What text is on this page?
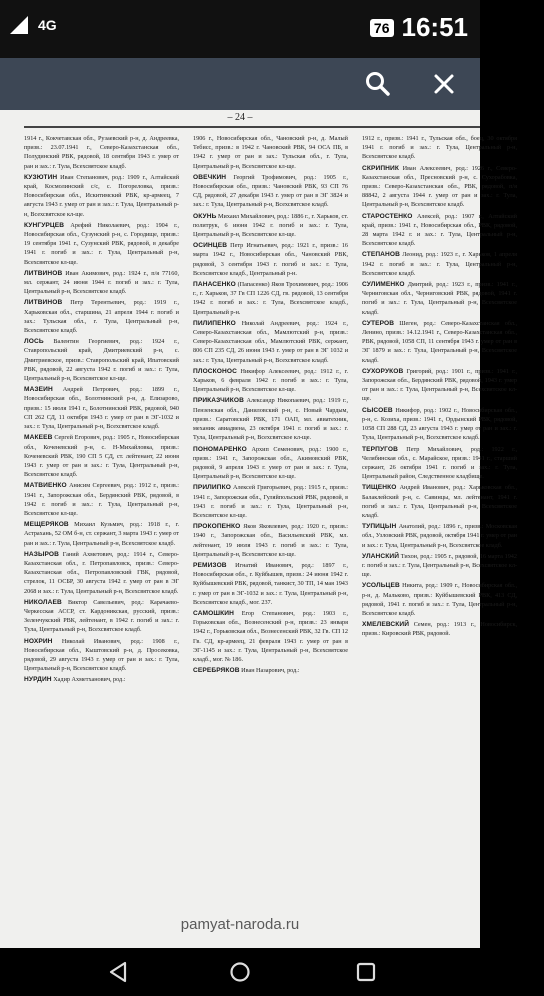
4G	76 16:51
– 24 –

1914 г., Кокчетавская обл., Рузаевский р-н, д. Андреевка, призв.: 23.07.1941 г., Северо-Казахстанская обл., Полудинский РВК, рядовой, 18 сентября 1943 г. умер от ран и зах.: г. Тула, Всехсвятское кладб.

КУЗЮТИН Иван Степанович, род.: 1909 г., Алтайский край, Космолинский с/с, с. Погореловка, призв.: Новосибирская обл., Искитимский РВК, кр-армеец, 7 августа 1943 г. умер от ран и зах.: г. Тула, Центральный р-н, Всехсвятское кл-ще.

КУНГУРЦЕВ Арефий Николаевич, род.: 1904 г., Новосибирская обл., Сузунский р-н, с. Городище, призв.: 19 сентября 1941 г., Сузунский РВК, рядовой, в декабре 1941 г. погиб и зах.: г. Тула, Центральный р-н, Всехсвятское кл-ще.

ЛИТВИНОВ Иван Акимович, род.: 1924 г., п/я 77160, мл. сержант, 24 июня 1944 г. погиб и зах.: г. Тула, Центральный р-н, Всехсвятское кладб.

ЛИТВИНОВ Петр Терентьевич, род.: 1919 г., Харьковская обл., старшина, 21 апреля 1944 г. погиб и зах.: Тульская обл., г. Тула, Центральный р-н, Всехсвятское кладб.

ЛОСЬ Валентин Георгиевич, род.: 1924 г., Ставропольский край, Дмитриевский р-н, с. Дмитриевское, призв.: Ставропольский край, Ипатовский РВК, рядовой, 22 августа 1942 г. погиб и зах.: г. Тула, Центральный р-н, Всехсвятское кл-ще.

МАЗЕИН Андрей Петрович, род.: 1899 г., Новосибирская обл., Болотнинский р-н, д. Елизарово, призв.: 15 июля 1941 г., Болотнинский РВК, рядовой, 940 СП 262 СД, 11 октября 1943 г. умер от ран в ЭГ-1032 и зах.: г. Тула, Центральный р-н, Всехсвятское кладб.

МАКЕЕВ Сергей Егорович, род.: 1905 г., Новосибирская обл., Коченевский р-н, с. Н-Михайловка, призв.: Коченевский РВК, 190 СП 5 СД, ст. лейтенант, 22 июня 1943 г. умер от ран и зах.: г. Тула, Центральный р-н, Всехсвятское кладб.

МАТВИЕНКО Анисим Сергеевич, род.: 1912 г., призв.: 1941 г., Запорожская обл., Бердянский РВК, рядовой, в 1942 г. погиб и зах.: г. Тула, Центральный р-н, Всехсвятское кл-ще.

МЕЩЕРЯКОВ Михаил Кузьмич, род.: 1918 г., г. Астрахань, 52 ОМ б-н, ст. сержант, 3 марта 1943 г. умер от ран и зах.: г. Тула, Центральный р-н, Всехсвятское кладб.

НАЗЫРОВ Ганий Ахметович, род.: 1914 г., Северо-Казахстанская обл., г. Петропавловск, призв.: Северо-Казахстанская обл., Петропавловский ГВК, рядовой, стрелок, 11 ОСБР, 30 августа 1942 г. умер от ран в ЭГ 2068 и зах.: г. Тула, Центральный р-н, Всехсвятское кладб.

НИКОЛАЕВ Виктор Савельевич, род.: Карачаево-Черкесская АССР, ст. Кардоникская, русский, призв.: Зеленчукский РВК, лейтенант, в 1942 г. погиб и зах.: г. Тула, Центральный р-н, Всехсвятское кладб.

НОХРИН Николай Иванович, род.: 1908 г., Новосибирская обл., Кыштовский р-н, д. Просековка, рядовой, 29 августа 1943 г. умер от ран и зах.: г. Тула, Центральный р-н, Всехсвятское кладб.

НУРДИН Хадир Ахметханович, род.:

1906 г., Новосибирская обл., Чановский р-н, д. Малый Тебисс, призв.: в 1942 г. Чановский РВК, 94 ОСА ПБ, в 1942 г. умер от ран и зах.: Тульская обл., г. Тула, Центральный р-н, Всехсвятское кл-ще.

ОВЕЧКИН Георгий Трофимович, род.: 1905 г., Новосибирская обл., призв.: Чановский РВК, 93 СП 76 СД, рядовой, 27 декабря 1943 г. умер от ран в ЭГ 3824 и зах.: г. Тула, Центральный р-н, Всехсвятское кладб.

ОКУНЬ Михаил Михайлович, род.: 1886 г., г. Харьков, ст. политрук, 6 июня 1942 г. погиб и зах.: г. Тула, Центральный р-н, Всехсвятское кл-ще.

ОСИНЦЕВ Петр Игнатьевич, род.: 1921 г., призв.: 16 марта 1942 г., Новосибирская обл., Чановский РВК, рядовой, 3 сентября 1943 г. погиб и зах.: г. Тула, Всехсвятское кладб., Центральный р-н.

ПАНАСЕНКО (Папасенко) Яков Трохимович, род.: 1906 г., г. Харьков, 37 Гв СП 1226 СД, гв. рядовой, 13 сентября 1942 г. погиб и зах.: г. Тула, Всехсвятское кладб., Центральный р-н.

ПИЛИПЕНКО Николай Андреевич, род.: 1924 г., Северо-Казахстанская обл., Мамлютский р-н, призв.: Северо-Казахстанская обл., Мамлютский РВК, сержант, 806 СП 235 СД, 26 июня 1943 г. умер от ран в ЭГ 1032 и зах.: г. Тула, Центральный р-н, Всехсвятское кладб.

ПЛОСКОНОС Никифор Алексеевич, род.: 1912 г., г. Харьков, 6 февраля 1942 г. погиб и зах.: г. Тула, Центральный р-н, Всехсвятское кл-ще.

ПРИКАЗЧИКОВ Александр Никопаевич, род.: 1919 г., Пензенская обл., Даниловский р-н, с. Новый Чардым, призв.: Саратовский РВК, 171 ОАП, мл. авиатехник, механик авиадвена, 23 октября 1941 г. погиб и зах.: г. Тула, Центральный р-н, Всехсвятское кл-ще.

ПОНОМАРЕНКО Архип Семенович, род.: 1900 г., призв.: 1941 г., Запорожская обл., Акимовский РВК, рядовой, 9 апреля 1943 г. умер от ран и зах.: г. Тула, Центральный р-н, Всехсвятское кл-ще.

ПРИЛИПКО Алексей Григорьевич, род.: 1915 г., призв.: 1941 г., Запорожская обл., Гуляйпольский РВК, рядовой, в 1943 г. погиб и зах.: г. Тула, Центральный р-н, Всехсвятское кл-ще.

ПРОКОПЕНКО Яков Яковлевич, род.: 1920 г., призв.: 1940 г., Запорожская обл., Васильевский РВК, мл. лейтенант, 19 июля 1943 г. погиб и зах.: г. Тула, Центральный р-н, Всехсвятское кл-ще.

РЕМИЗОВ Игнатий Иванович, род.: 1897 г., Новосибирская обл., г. Куйбышев, призв.: 24 июня 1942 г. Куйбышевский РВК, рядовой, танкист, 30 ТП, 14 мая 1943 г. умер от ран в ЭГ-1032 и зах.: г. Тула, Центральный р-н, Всехсвятское кладб., мог. 237.

САМОШКИН Егор Степанович, род.: 1903 г., Горьковская обл., Вознесенский р-н, призв.: 23 января 1942 г., Горьковская обл., Вознесенский РВК, 32 Гв. СП 12 Гв. СД, кр-армеец, 21 февраля 1943 г. умер от ран в ЭГ-1145 и зах.: г. Тула, Центральный р-н, Всехсвятское кладб., мог. № 186.

СЕРЕБРЯКОВ Иван Назарович, род.:

1912 г., призв.: 1941 г., Тульская обл., боец, 30 октября 1941 г. погиб и зах.: г. Тула, Центральный р-н, Всехсвятское кладб.

СКРИПНИК Иван Алексеевич, род.: 1926 г., Северо-Казахстанская обл., Пресновский р-н, с. Сухорабовка, призв.: Северо-Казахстанская обл., РВК, рядовой, п/я 88842, 2 августа 1944 г. умер от ран и зах.: г. Тула, Центральный р-н, Всехсвятское кладб.

СТАРОСТЕНКО Алексей, род.: 1907 г., Алтайский край, призв.: 1941 г., Новосибирская обл., РВК, рядовой, 28 марта 1942 г. и зах.: г. Тула, Центральный р-н, Всехсвятское кладб.

СТЕПАНОВ Леонид, род.: 1923 г., г. Харьков, 1 апреля 1942 г. погиб и зах.: г. Тула, Центральный р-н, Всехсвятское кладб.

СУЛИМЕНКО Дмитрий, род.: 1923 г., призв.: 1941 г., Черниговская обл., Черниговский РВК, рядовой, 1941 г. погиб и зах.: г. Тула, Центральный р-н, Всехсвятское кладб.

СУТЕРОВ Шеген, род.: Северо-Казахстанская обл., Ленино, призв.: 14.12.1941 г., Северо-Казахстанская обл., РВК, рядовой, 1058 СП, 11 сентября 1943 г. умер от ран в ЭГ 1879 и зах.: г. Тула, Центральный р-н, Всехсвятское кладб.

СУХОРУКОВ Григорий, род.: 1901 г., призв.: 1941 г., Запорожская обл., Бердянский РВК, рядовой, 1943 г. умер от ран и зах.: г. Тула, Центральный р-н, Всехсвятское кл-ще.

СЫСОЕВ Никифор, род.: 1902 г., Новосибирская обл., р-н, с. Козиха, призв.: 1941 г., Ордынский РВК, рядовой, 1058 СП 288 СД, 23 августа 1943 г. умер от ран и зах.: г. Тула, Центральный р-н, Всехсвятское кладб.

ТЕРПУГОВ Петр Михайлович, род.: 1922 г., Челябинская обл., с. Марайское, призв.: 1941 г., старший сержант, 26 октября 1941 г. погиб и зах.: г. Тула, Центральный район, Следственное кладбище.

ТИЩЕНКО Андрей Иванович, род.: Харьковская обл., Балаклейский р-н, с. Савинцы, мл. лейтенант, 1941 г. погиб и зах.: г. Тула, Центральный р-н, Всехсвятское кладб.

ТУПИЦЫН Анатолий, род.: 1896 г., призв.: Московская обл., Узловский РВК, рядовой, октября 1941 г. умер от ран и зах.: г. Тула, Центральный р-н, Всехсвятское кладб.

УЛАНСКИЙ Тихон, род.: 1905 г., рядовой, 16 марта 1942 г. погиб и зах.: г. Тула, Центральный р-н, Всехсвятское кл-ще.

УСОЛЬЦЕВ Никита, род.: 1909 г., Новосибирская обл., р-н, д. Мальково, призв.: Куйбышевский РВК, 413 СД, рядовой, 1941 г. погиб и зах.: г. Тула, Центральный р-н, Всехсвятское кладб.

ХМЕЛЕВСКИЙ Семен, род.: 1913 г., Новосибирск, призв.: Кировский РВК, рядовой.

pamyat-naroda.ru
